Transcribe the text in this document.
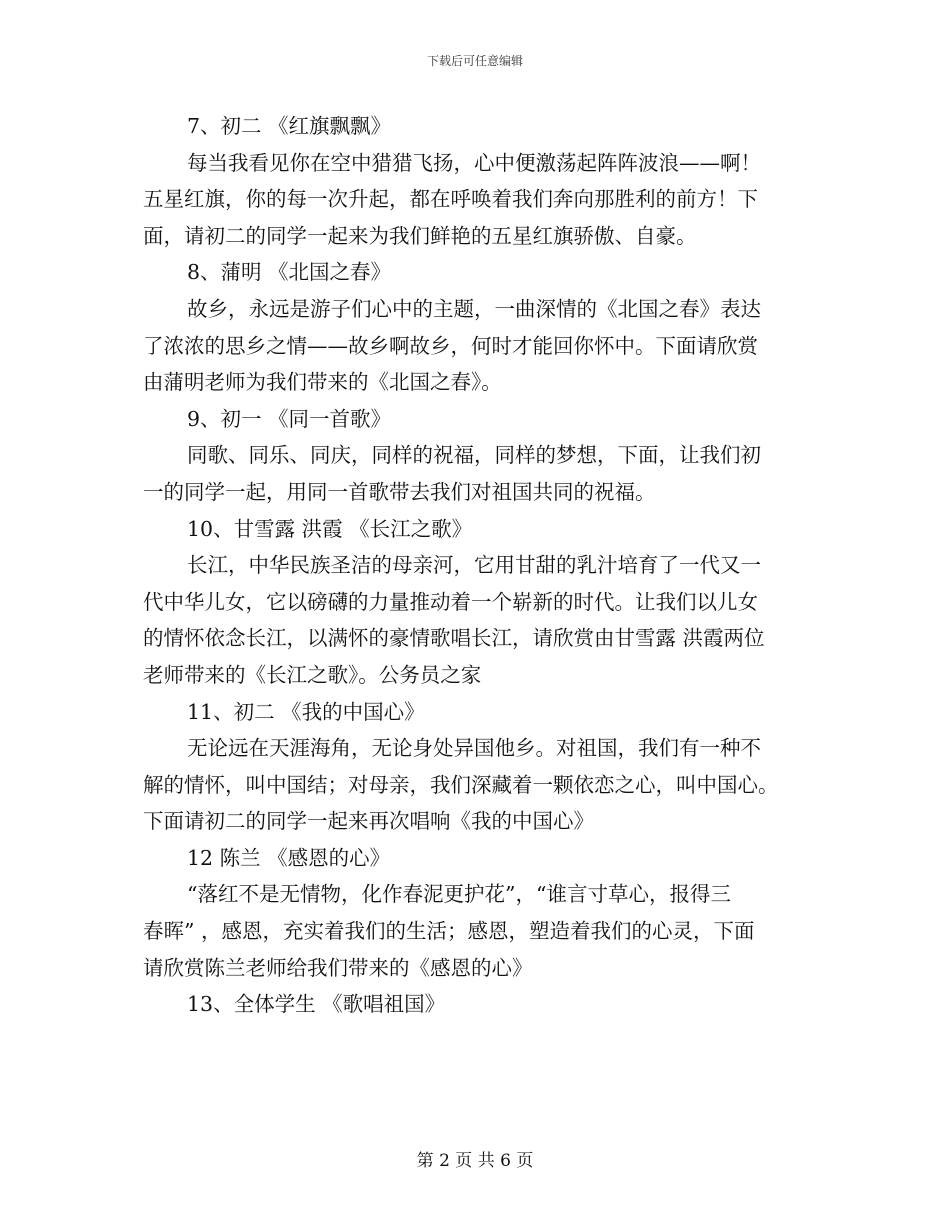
下载后可任意编辑
7、初二 《红旗飘飘》
每当我看见你在空中猎猎飞扬，心中便激荡起阵阵波浪——啊！
五星红旗，你的每一次升起，都在呼唤着我们奔向那胜利的前方！下
面，请初二的同学一起来为我们鲜艳的五星红旗骄傲、自豪。
8、蒲明 《北国之春》
故乡，永远是游子们心中的主题，一曲深情的《北国之春》表达
了浓浓的思乡之情——故乡啊故乡，何时才能回你怀中。下面请欣赏
由蒲明老师为我们带来的《北国之春》。
9、初一 《同一首歌》
同歌、同乐、同庆，同样的祝福，同样的梦想，下面，让我们初
一的同学一起，用同一首歌带去我们对祖国共同的祝福。
10、甘雪露 洪霞 《长江之歌》
长江，中华民族圣洁的母亲河，它用甘甜的乳汁培育了一代又一
代中华儿女，它以磅礴的力量推动着一个崭新的时代。让我们以儿女
的情怀依念长江，以满怀的豪情歌唱长江，请欣赏由甘雪露 洪霞两位
老师带来的《长江之歌》。公务员之家
11、初二 《我的中国心》
无论远在天涯海角，无论身处异国他乡。对祖国，我们有一种不
解的情怀，叫中国结；对母亲，我们深藏着一颗依恋之心，叫中国心。
下面请初二的同学一起来再次唱响《我的中国心》
12 陈兰 《感恩的心》
“落红不是无情物，化作春泥更护花”，“谁言寸草心，报得三
春晖” ，感恩，充实着我们的生活；感恩，塑造着我们的心灵，下面
请欣赏陈兰老师给我们带来的《感恩的心》
13、全体学生 《歌唱祖国》
第 2 页 共 6 页
